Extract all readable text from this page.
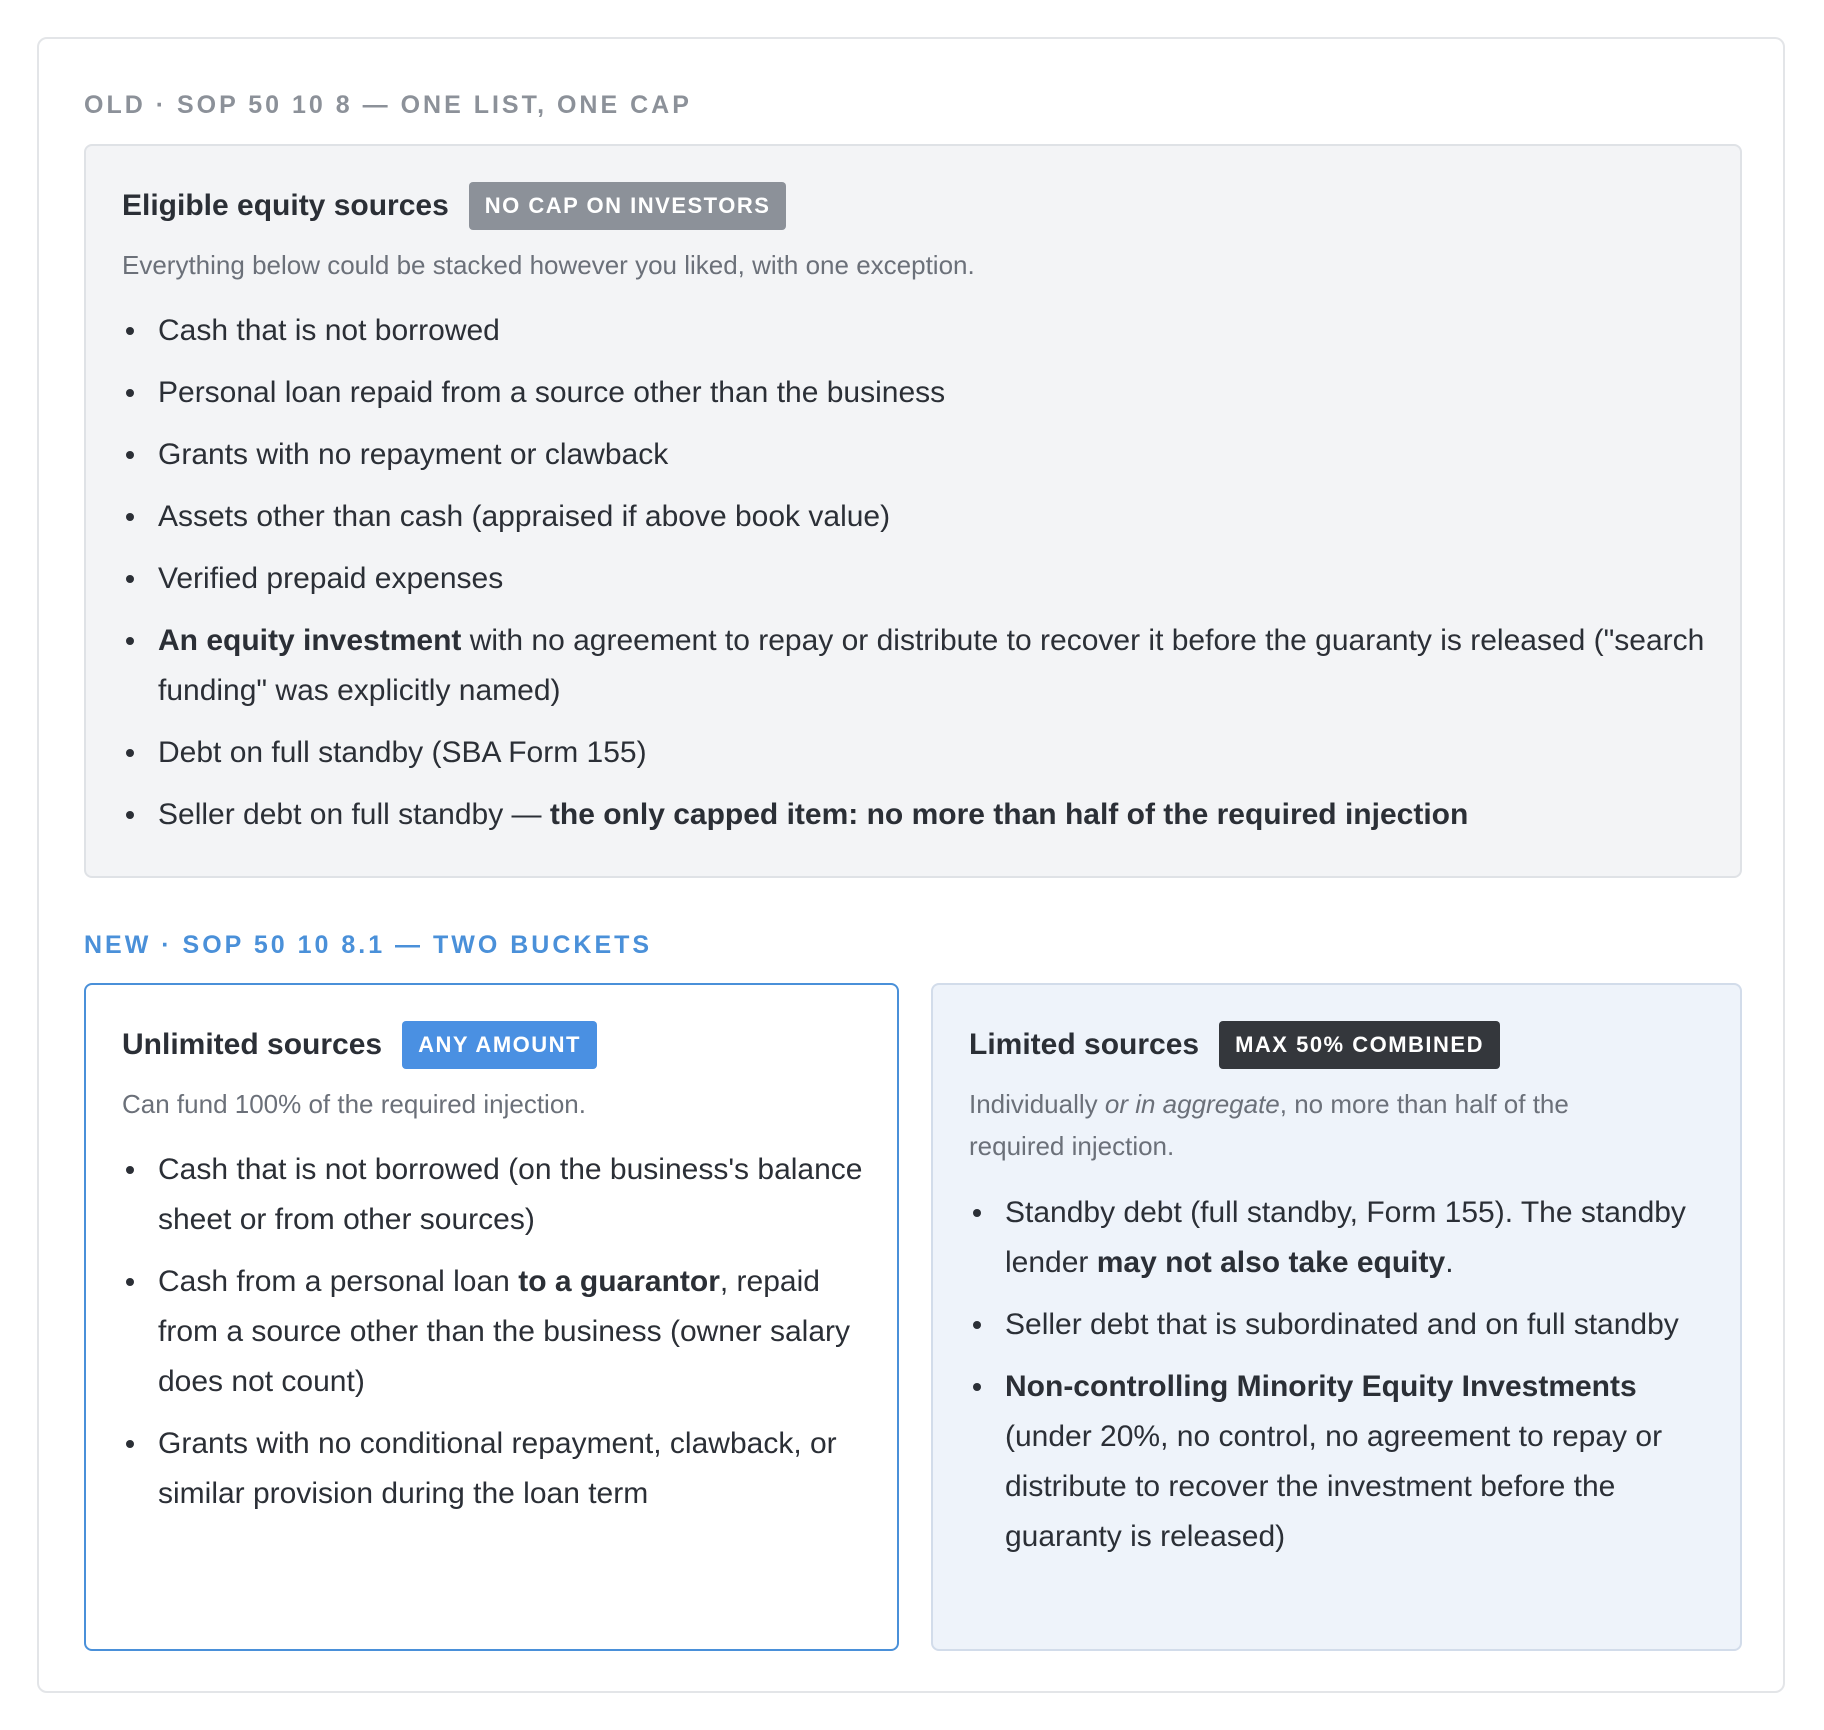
OLD · SOP 50 10 8 — ONE LIST, ONE CAP
Eligible equity sources	NO CAP ON INVESTORS
Everything below could be stacked however you liked, with one exception.
Cash that is not borrowed
Personal loan repaid from a source other than the business
Grants with no repayment or clawback
Assets other than cash (appraised if above book value)
Verified prepaid expenses
An equity investment with no agreement to repay or distribute to recover it before the guaranty is released ("search funding" was explicitly named)
Debt on full standby (SBA Form 155)
Seller debt on full standby — the only capped item: no more than half of the required injection
NEW · SOP 50 10 8.1 — TWO BUCKETS
Unlimited sources	ANY AMOUNT
Can fund 100% of the required injection.
Cash that is not borrowed (on the business's balance sheet or from other sources)
Cash from a personal loan to a guarantor, repaid from a source other than the business (owner salary does not count)
Grants with no conditional repayment, clawback, or similar provision during the loan term
Limited sources	MAX 50% COMBINED
Individually or in aggregate, no more than half of the required injection.
Standby debt (full standby, Form 155). The standby lender may not also take equity.
Seller debt that is subordinated and on full standby
Non-controlling Minority Equity Investments (under 20%, no control, no agreement to repay or distribute to recover the investment before the guaranty is released)
